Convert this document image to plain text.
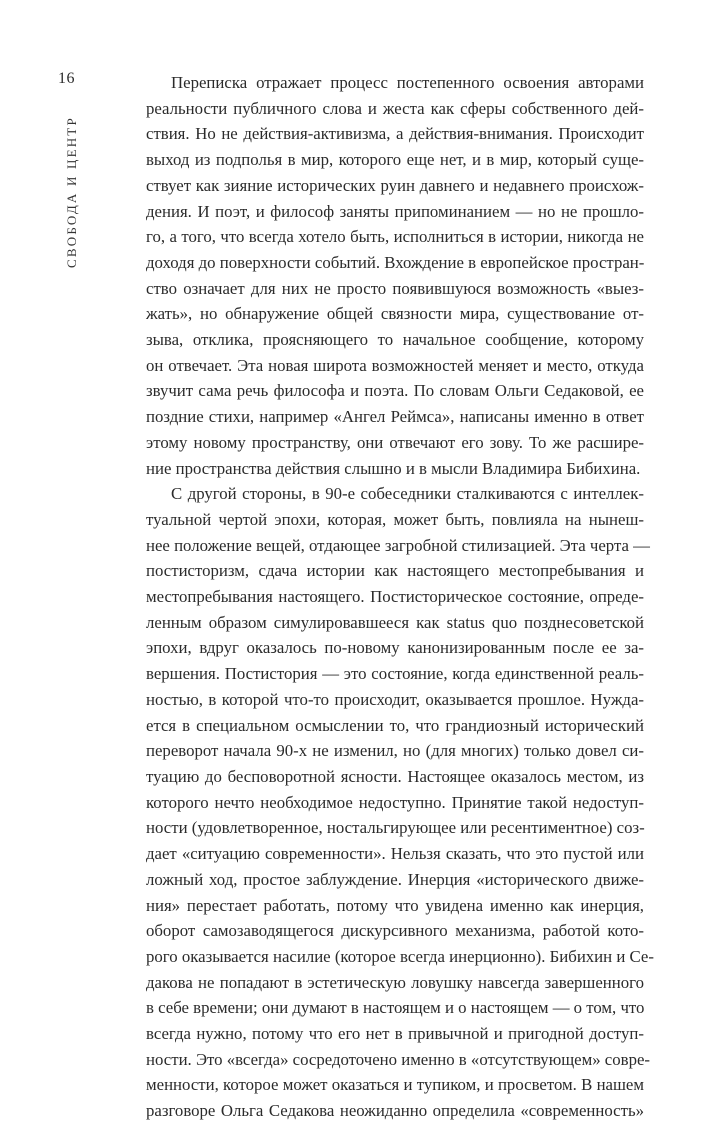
16
СВОБОДА И ЦЕНТР
Переписка отражает процесс постепенного освоения авторами
реальности публичного слова и жеста как сферы собственного дей-
ствия. Но не действия-активизма, а действия-внимания. Происходит
выход из подполья в мир, которого еще нет, и в мир, который суще-
ствует как зияние исторических руин давнего и недавнего происхож-
дения. И поэт, и философ заняты припоминанием — но не прошло-
го, а того, что всегда хотело быть, исполниться в истории, никогда не
доходя до поверхности событий. Вхождение в европейское простран-
ство означает для них не просто появившуюся возможность «выез-
жать», но обнаружение общей связности мира, существование от-
зыва, отклика, проясняющего то начальное сообщение, которому
он отвечает. Эта новая широта возможностей меняет и место, откуда
звучит сама речь философа и поэта. По словам Ольги Седаковой, ее
поздние стихи, например «Ангел Реймса», написаны именно в ответ
этому новому пространству, они отвечают его зову. То же расшире-
ние пространства действия слышно и в мысли Владимира Бибихина.
С другой стороны, в 90-е собеседники сталкиваются с интеллек-
туальной чертой эпохи, которая, может быть, повлияла на нынеш-
нее положение вещей, отдающее загробной стилизацией. Эта черта —
постисторизм, сдача истории как настоящего местопребывания и
местопребывания настоящего. Постисторическое состояние, опреде-
ленным образом симулировавшееся как status quo позднесоветской
эпохи, вдруг оказалось по-новому канонизированным после ее за-
вершения. Постистория — это состояние, когда единственной реаль-
ностью, в которой что-то происходит, оказывается прошлое. Нужда-
ется в специальном осмыслении то, что грандиозный исторический
переворот начала 90-х не изменил, но (для многих) только довел си-
туацию до бесповоротной ясности. Настоящее оказалось местом, из
которого нечто необходимое недоступно. Принятие такой недоступ-
ности (удовлетворенное, ностальгирующее или ресентиментное) соз-
дает «ситуацию современности». Нельзя сказать, что это пустой или
ложный ход, простое заблуждение. Инерция «исторического движе-
ния» перестает работать, потому что увидена именно как инерция,
оборот самозаводящегося дискурсивного механизма, работой кото-
рого оказывается насилие (которое всегда инерционно). Бибихин и Се-
дакова не попадают в эстетическую ловушку навсегда завершенного
в себе времени; они думают в настоящем и о настоящем — о том, что
всегда нужно, потому что его нет в привычной и пригодной доступ-
ности. Это «всегда» сосредоточено именно в «отсутствующем» совре-
менности, которое может оказаться и тупиком, и просветом. В нашем
разговоре Ольга Седакова неожиданно определила «современность»
